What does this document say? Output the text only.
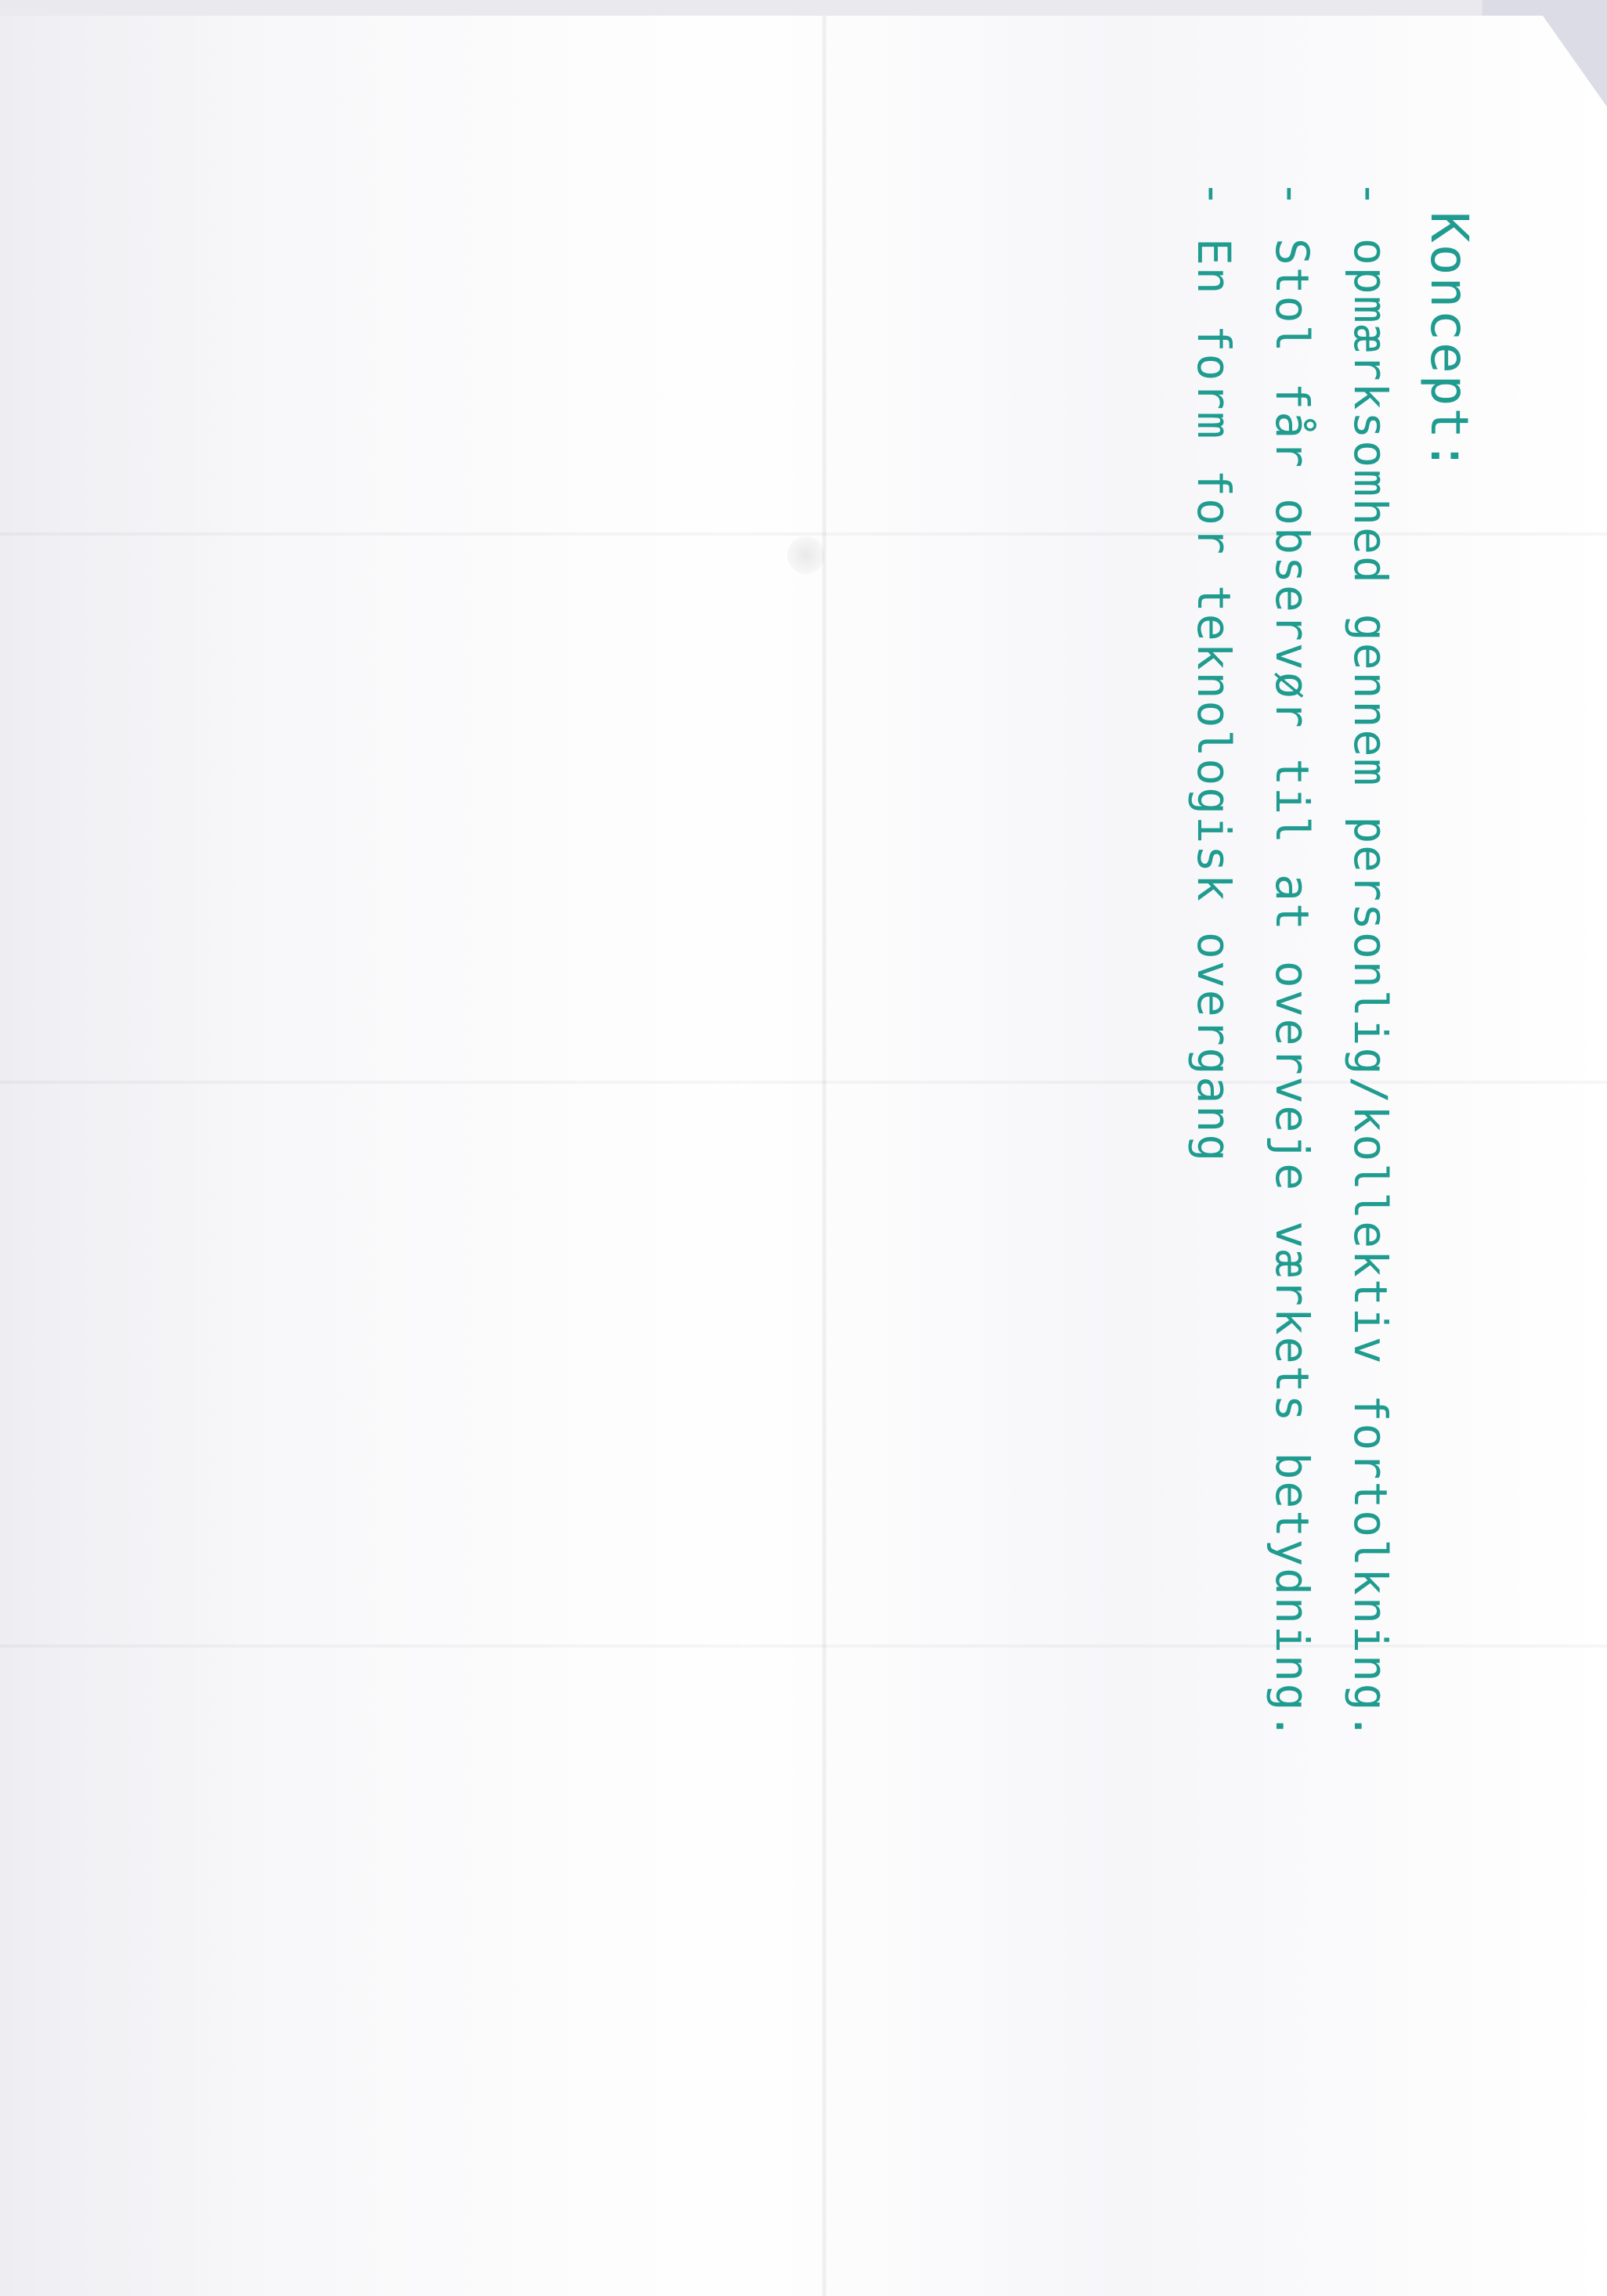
Koncept:
- opmærksomhed gennem personlig/kollektiv fortolkning.
- Stol får observør til at overveje værkets betydning.
- En form for teknologisk overgang
